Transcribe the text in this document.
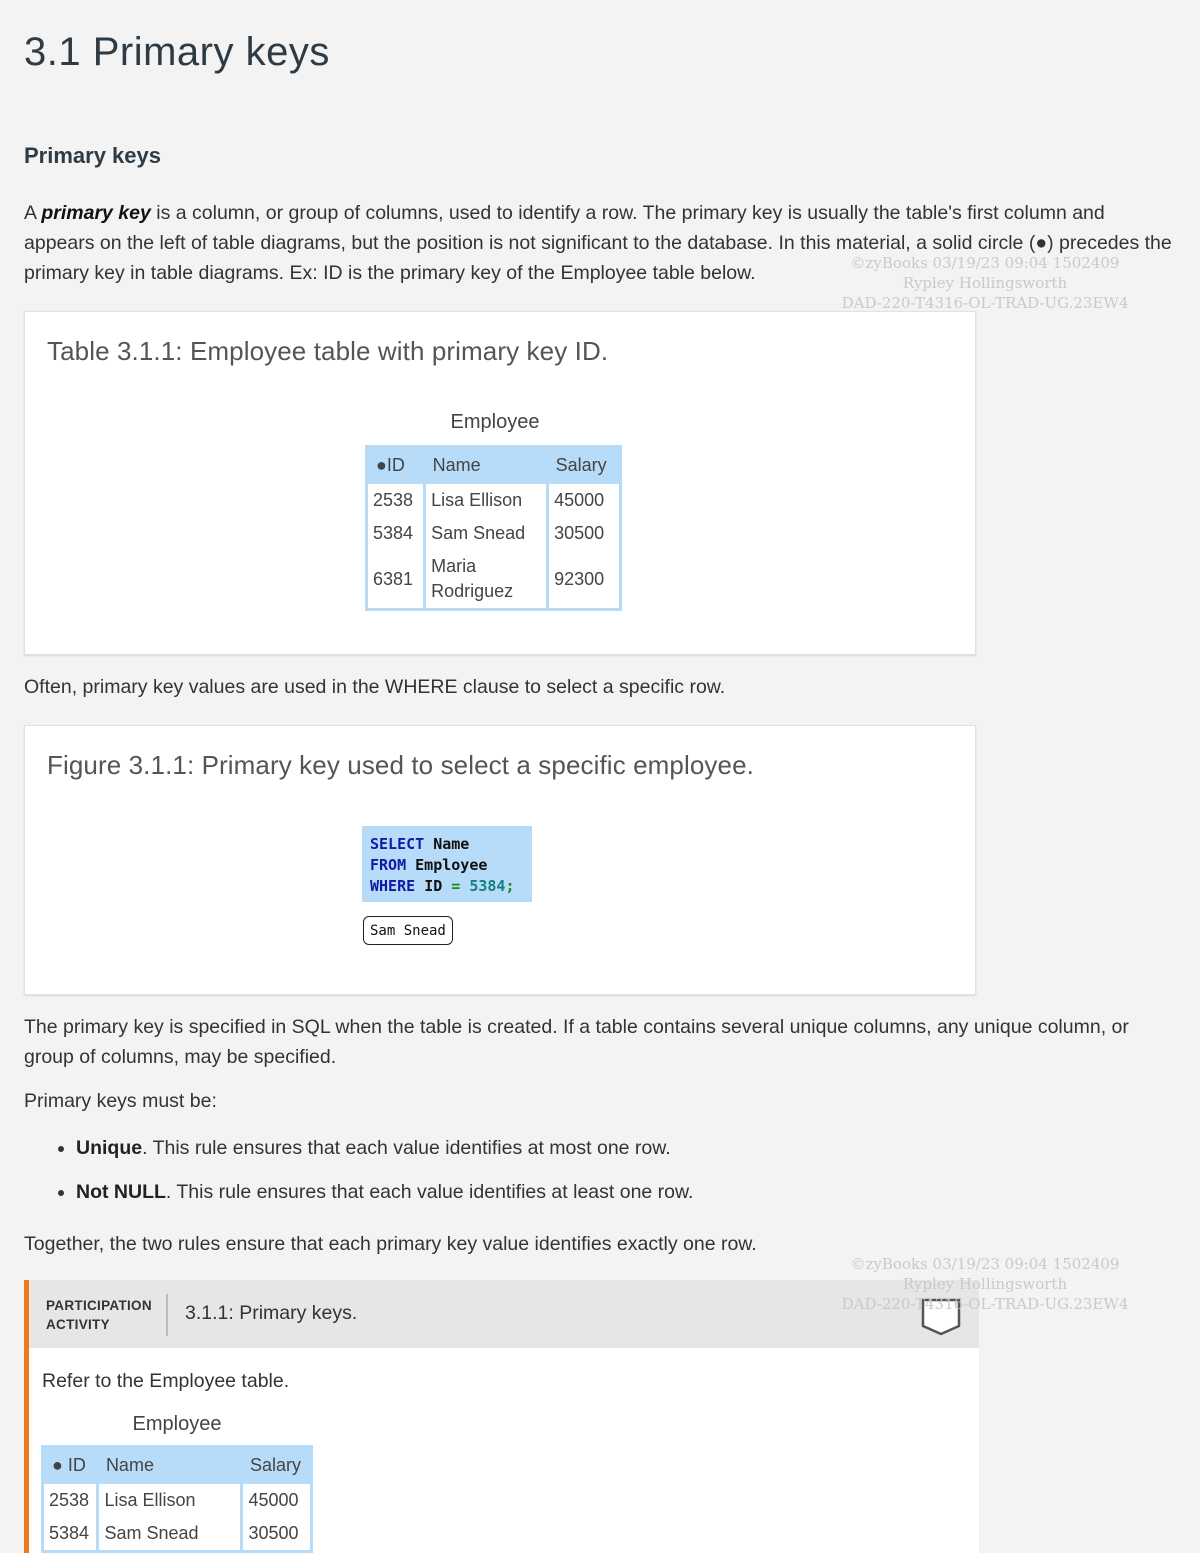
3.1 Primary keys
Primary keys

A primary key is a column, or group of columns, used to identify a row. The primary key is usually the table's first column and appears on the left of table diagrams, but the position is not significant to the database. In this material, a solid circle (●) precedes the primary key in table diagrams. Ex: ID is the primary key of the Employee table below.

Table 3.1.1: Employee table with primary key ID.
Employee
●ID	Name	Salary
2538	Lisa Ellison	45000
5384	Sam Snead	30500
6381	Maria Rodriguez	92300

Often, primary key values are used in the WHERE clause to select a specific row.

Figure 3.1.1: Primary key used to select a specific employee.
SELECT Name
FROM Employee
WHERE ID = 5384;
Sam Snead

The primary key is specified in SQL when the table is created. If a table contains several unique columns, any unique column, or group of columns, may be specified.

Primary keys must be:

• Unique. This rule ensures that each value identifies at most one row.
• Not NULL. This rule ensures that each value identifies at least one row.

Together, the two rules ensure that each primary key value identifies exactly one row.

PARTICIPATION
ACTIVITY
3.1.1: Primary keys.
Refer to the Employee table.
Employee
● ID	Name	Salary
2538	Lisa Ellison	45000
5384	Sam Snead	30500
©zyBooks 03/19/23 09:04 1502409
Rypley Hollingsworth
DAD-220-T4316-OL-TRAD-UG.23EW4
©zyBooks 03/19/23 09:04 1502409
Rypley Hollingsworth
DAD-220-T4316-OL-TRAD-UG.23EW4
